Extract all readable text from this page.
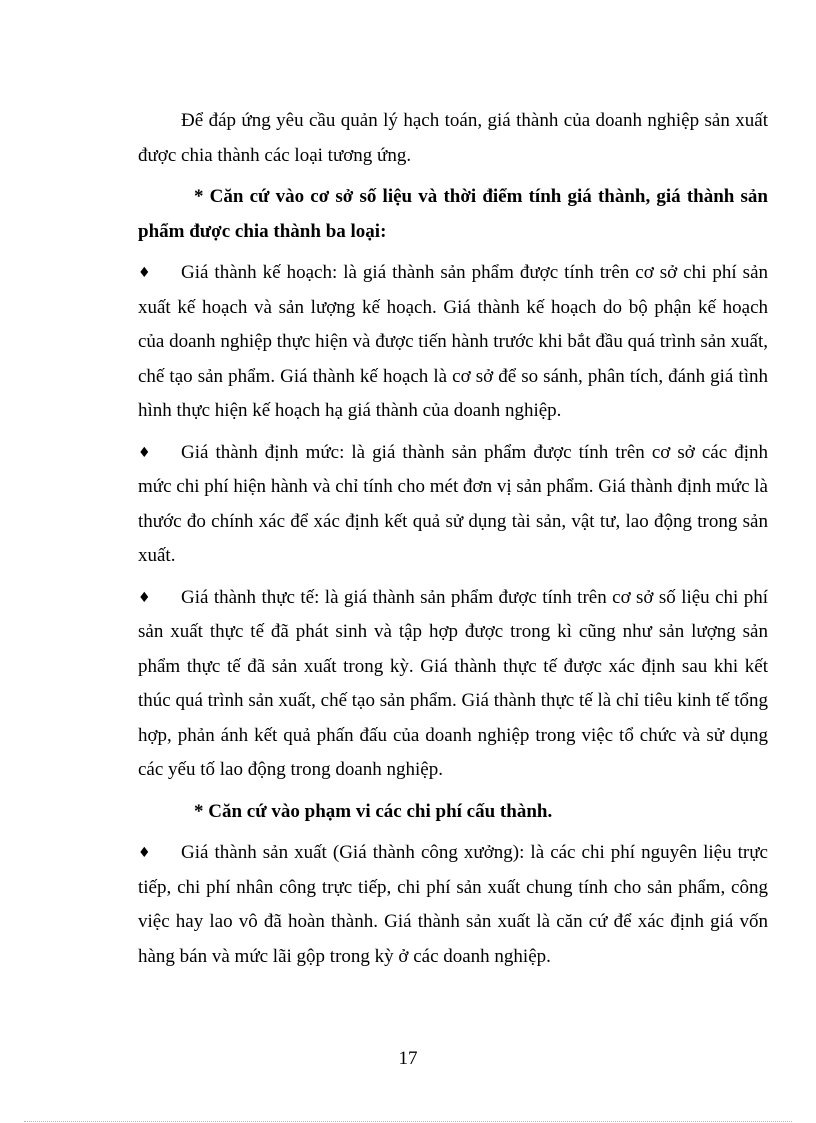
Để đáp ứng yêu cầu quản lý hạch toán, giá thành của doanh nghiệp sản xuất được chia thành các loại tương ứng.

* Căn cứ vào cơ sở số liệu và thời điểm tính giá thành, giá thành sản phẩm được chia thành ba loại:

♦ Giá thành kế hoạch: là giá thành sản phẩm được tính trên cơ sở chi phí sản xuất kế hoạch và sản lượng kế hoạch. Giá thành kế hoạch do bộ phận kế hoạch của doanh nghiệp thực hiện và được tiến hành trước khi bắt đầu quá trình sản xuất, chế tạo sản phẩm. Giá thành kế hoạch là cơ sở để so sánh, phân tích, đánh giá tình hình thực hiện kế hoạch hạ giá thành của doanh nghiệp.

♦ Giá thành định mức: là giá thành sản phẩm được tính trên cơ sở các định mức chi phí hiện hành và chỉ tính cho mét đơn vị sản phẩm. Giá thành định mức là thước đo chính xác để xác định kết quả sử dụng tài sản, vật tư, lao động trong sản xuất.

♦ Giá thành thực tế: là giá thành sản phẩm được tính trên cơ sở số liệu chi phí sản xuất thực tế đã phát sinh và tập hợp được trong kì cũng như sản lượng sản phẩm thực tế đã sản xuất trong kỳ. Giá thành thực tế được xác định sau khi kết thúc quá trình sản xuất, chế tạo sản phẩm. Giá thành thực tế là chỉ tiêu kinh tế tổng hợp, phản ánh kết quả phấn đấu của doanh nghiệp trong việc tổ chức và sử dụng các yếu tố lao động trong doanh nghiệp.

* Căn cứ vào phạm vi các chi phí cấu thành.

♦ Giá thành sản xuất (Giá thành công xưởng): là các chi phí nguyên liệu trực tiếp, chi phí nhân công trực tiếp, chi phí sản xuất chung tính cho sản phẩm, công việc hay lao vô đã hoàn thành. Giá thành sản xuất là căn cứ để xác định giá vốn hàng bán và mức lãi gộp trong kỳ ở các doanh nghiệp.

17
